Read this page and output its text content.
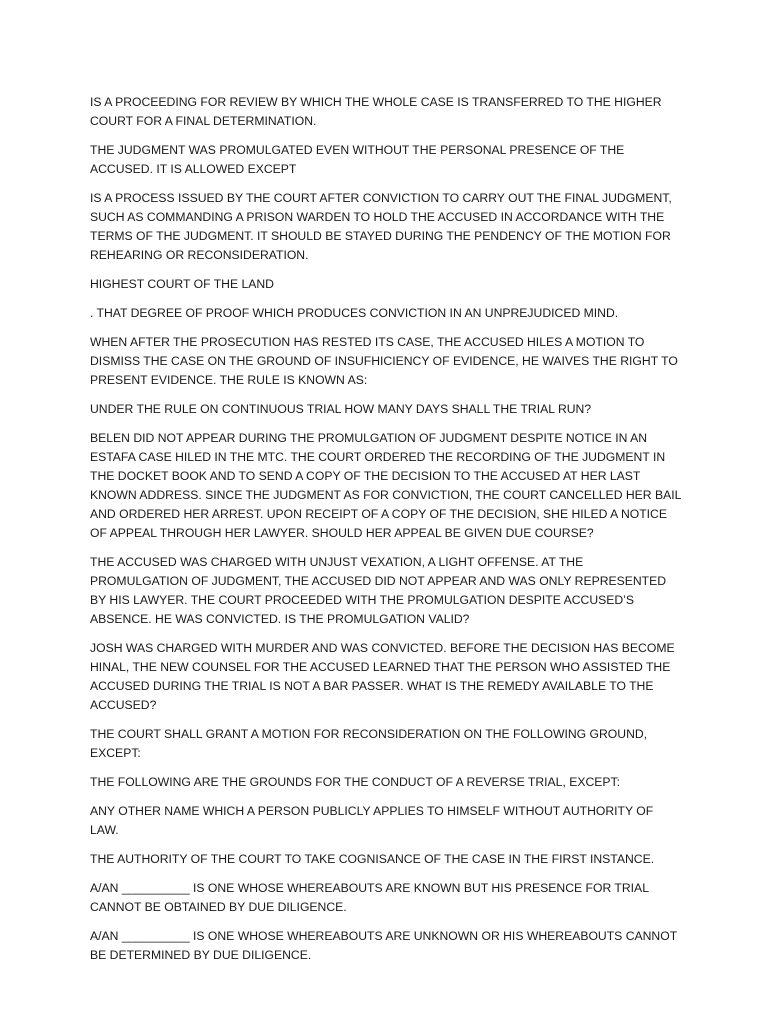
IS A PROCEEDING FOR REVIEW BY WHICH THE WHOLE CASE IS TRANSFERRED TO THE HIGHER COURT FOR A FINAL DETERMINATION.

THE JUDGMENT WAS PROMULGATED EVEN WITHOUT THE PERSONAL PRESENCE OF THE ACCUSED. IT IS ALLOWED EXCEPT

IS A PROCESS ISSUED BY THE COURT AFTER CONVICTION TO CARRY OUT THE FINAL JUDGMENT, SUCH AS COMMANDING A PRISON WARDEN TO HOLD THE ACCUSED IN ACCORDANCE WITH THE TERMS OF THE JUDGMENT. IT SHOULD BE STAYED DURING THE PENDENCY OF THE MOTION FOR REHEARING OR RECONSIDERATION.

HIGHEST COURT OF THE LAND

. THAT DEGREE OF PROOF WHICH PRODUCES CONVICTION IN AN UNPREJUDICED MIND.

WHEN AFTER THE PROSECUTION HAS RESTED ITS CASE, THE ACCUSED HILES A MOTION TO DISMISS THE CASE ON THE GROUND OF INSUFHICIENCY OF EVIDENCE, HE WAIVES THE RIGHT TO PRESENT EVIDENCE. THE RULE IS KNOWN AS:

UNDER THE RULE ON CONTINUOUS TRIAL HOW MANY DAYS SHALL THE TRIAL RUN?

BELEN DID NOT APPEAR DURING THE PROMULGATION OF JUDGMENT DESPITE NOTICE IN AN ESTAFA CASE HILED IN THE MTC. THE COURT ORDERED THE RECORDING OF THE JUDGMENT IN THE DOCKET BOOK AND TO SEND A COPY OF THE DECISION TO THE ACCUSED AT HER LAST KNOWN ADDRESS. SINCE THE JUDGMENT AS FOR CONVICTION, THE COURT CANCELLED HER BAIL AND ORDERED HER ARREST. UPON RECEIPT OF A COPY OF THE DECISION, SHE HILED A NOTICE OF APPEAL THROUGH HER LAWYER. SHOULD HER APPEAL BE GIVEN DUE COURSE?

THE ACCUSED WAS CHARGED WITH UNJUST VEXATION, A LIGHT OFFENSE. AT THE PROMULGATION OF JUDGMENT, THE ACCUSED DID NOT APPEAR AND WAS ONLY REPRESENTED BY HIS LAWYER. THE COURT PROCEEDED WITH THE PROMULGATION DESPITE ACCUSED’S ABSENCE. HE WAS CONVICTED. IS THE PROMULGATION VALID?

JOSH WAS CHARGED WITH MURDER AND WAS CONVICTED. BEFORE THE DECISION HAS BECOME HINAL, THE NEW COUNSEL FOR THE ACCUSED LEARNED THAT THE PERSON WHO ASSISTED THE ACCUSED DURING THE TRIAL IS NOT A BAR PASSER. WHAT IS THE REMEDY AVAILABLE TO THE ACCUSED?

THE COURT SHALL GRANT A MOTION FOR RECONSIDERATION ON THE FOLLOWING GROUND, EXCEPT:

THE FOLLOWING ARE THE GROUNDS FOR THE CONDUCT OF A REVERSE TRIAL, EXCEPT:

ANY OTHER NAME WHICH A PERSON PUBLICLY APPLIES TO HIMSELF WITHOUT AUTHORITY OF LAW.

THE AUTHORITY OF THE COURT TO TAKE COGNISANCE OF THE CASE IN THE FIRST INSTANCE.

A/AN __________ IS ONE WHOSE WHEREABOUTS ARE KNOWN BUT HIS PRESENCE FOR TRIAL CANNOT BE OBTAINED BY DUE DILIGENCE.

A/AN __________ IS ONE WHOSE WHEREABOUTS ARE UNKNOWN OR HIS WHEREABOUTS CANNOT BE DETERMINED BY DUE DILIGENCE.
